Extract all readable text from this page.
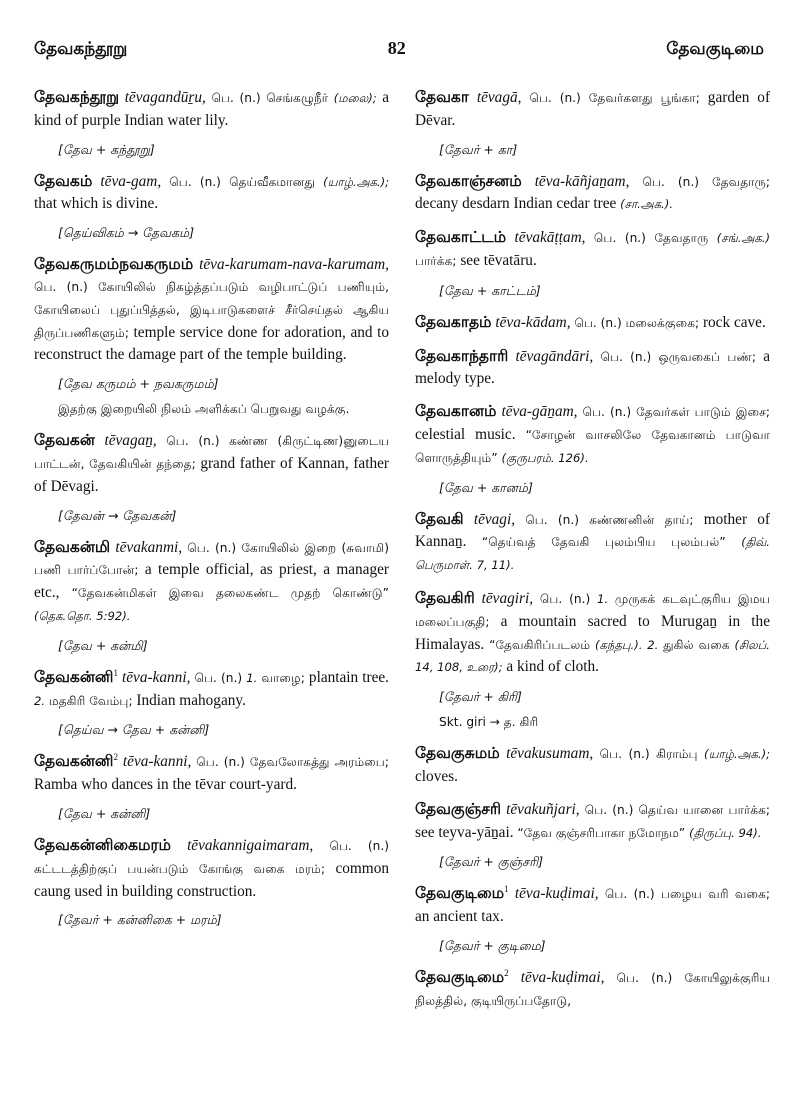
தேவகந்தூறு	82	தேவகுடிமை
தேவகந்தூறு tēvagandūṟu, பெ. (n.) செங்கழுநீர் (மலை); a kind of purple Indian water lily.
[தேவ + கந்தூறு]
தேவகம் tēva-gam, பெ. (n.) தெய்வீகமானது (யாழ்.அக.); that which is divine.
[தெய்விகம் → தேவகம்]
தேவகருமம்நவகருமம் tēva-karumam-nava-karumam, பெ. (n.) கோயிலில் நிகழ்த்தப்படும் வழிபாட்டுப் பணியும், கோயிலைப் புதுப்பித்தல், இடிபாடுகளைச் சீர்செய்தல் ஆகிய திருப்பணிகளும்; temple service done for adoration, and to reconstruct the damage part of the temple building.
[தேவ கருமம் + நவகருமம்]
இதற்கு இறையிலி நிலம் அளிக்கப் பெறுவது வழக்கு.
தேவகன் tēvagaṉ, பெ. (n.) கண்ண (கிருட்டிண)னுடைய பாட்டன், தேவகியின் தந்தை; grand father of Kannan, father of Dēvagi.
[தேவன் → தேவகன்]
தேவகன்மி tēvakanmi, பெ. (n.) கோயிலில் இறை (சுவாமி) பணி பார்ப்போன்; a temple official, as priest, a manager etc., “தேவகன்மிகள் இவை தலைகண்ட முதற் கொண்டு” (தெக.தொ. 5:92).
[தேவ + கன்மி]
தேவகன்னி$^1$ tēva-kanni, பெ. (n.) 1. வாழை; plantain tree. 2. மதகிரி வேம்பு; Indian mahogany.
[தெய்வ → தேவ + கன்னி]
தேவகன்னி$^2$ tēva-kanni, பெ. (n.) தேவலோகத்து அரம்பை; Ramba who dances in the tēvar court-yard.
[தேவ + கன்னி]
தேவகன்னிகைமரம் tēvakannigaimaram, பெ. (n.) கட்டடத்திற்குப் பயன்படும் கோங்கு வகை மரம்; common caung used in building construction.
[தேவர் + கன்னிகை + மரம்]
தேவகா tēvagā, பெ. (n.) தேவர்களது பூங்கா; garden of Dēvar.
[தேவர் + கா]
தேவகாஞ்சனம் tēva-kāñjaṉam, பெ. (n.) தேவதாரு; decany desdarn Indian cedar tree (சா.அக.).
தேவகாட்டம் tēvakāṭṭam, பெ. (n.) தேவதாரு (சங்.அக.) பார்க்க; see tēvatāru.
[தேவ + காட்டம்]
தேவகாதம் tēva-kādam, பெ. (n.) மலைக்குகை; rock cave.
தேவகாந்தாரி tēvagāndāri, பெ. (n.) ஒருவகைப் பண்; a melody type.
தேவகானம் tēva-gāṉam, பெ. (n.) தேவர்கள் பாடும் இசை; celestial music. “சோழன் வாசலிலே தேவகானம் பாடுவா ளொருத்தியும்” (குருபரம். 126).
[தேவ + கானம்]
தேவகி tēvagi, பெ. (n.) கண்ணனின் தாய்; mother of Kannaṉ. “தெய்வத் தேவகி புலம்பிய புலம்பல்” (திவ். பெருமாள். 7, 11).
தேவகிரி tēvagiri, பெ. (n.) 1. முருகக் கடவுட்குரிய இமய மலைப்பகுதி; a mountain sacred to Murugaṉ in the Himalayas. “தேவகிரிப்படலம் (கந்தபு.). 2. துகில் வகை (சிலப். 14, 108, உரை); a kind of cloth.
[தேவர் + கிரி]
Skt. giri → த. கிரி
தேவகுசுமம் tēvakusumam, பெ. (n.) கிராம்பு (யாழ்.அக.); cloves.
தேவகுஞ்சரி tēvakuñjari, பெ. (n.) தெய்வ யானை பார்க்க; see teyva-yāṉai. “தேவ குஞ்சரிபாகா நமோநம” (திருப்பு. 94).
[தேவர் + குஞ்சரி]
தேவகுடிமை$^1$ tēva-kuḍimai, பெ. (n.) பழைய வரி வகை; an ancient tax.
[தேவர் + குடிமை]
தேவகுடிமை$^2$ tēva-kuḍimai, பெ. (n.) கோயிலுக்குரிய நிலத்தில், குடியிருப்பதோடு,
